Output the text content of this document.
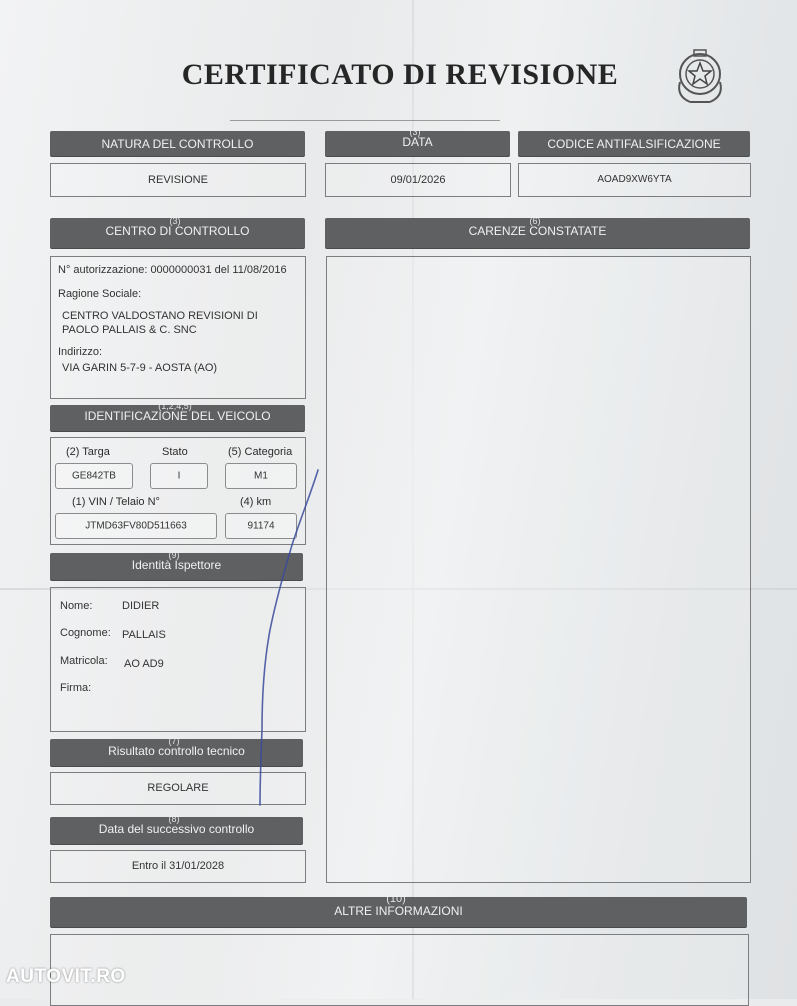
CERTIFICATO DI REVISIONE
NATURA DEL CONTROLLO
REVISIONE
(3)
DATA
09/01/2026
CODICE ANTIFALSIFICAZIONE
AOAD9XW6YTA
(3)
CENTRO DI CONTROLLO
N° autorizzazione: 0000000031 del 11/08/2016
Ragione Sociale:
CENTRO VALDOSTANO REVISIONI DI
PAOLO PALLAIS & C. SNC
Indirizzo:
VIA GARIN 5-7-9 - AOSTA (AO)
(6)
CARENZE CONSTATATE
(1,2,4,5)
IDENTIFICAZIONE DEL VEICOLO
(2) Targa	Stato	(5) Categoria
GE842TB	I	M1
(1) VIN / Telaio N°	(4) km
JTMD63FV80D511663	91174
(9)
Identità Ispettore
Nome:	DIDIER
Cognome: PALLAIS
Matricola: AO AD9
Firma:
(7)
Risultato controllo tecnico
REGOLARE
(8)
Data del successivo controllo
Entro il 31/01/2028
(10)
ALTRE INFORMAZIONI
AUTOVIT.RO
